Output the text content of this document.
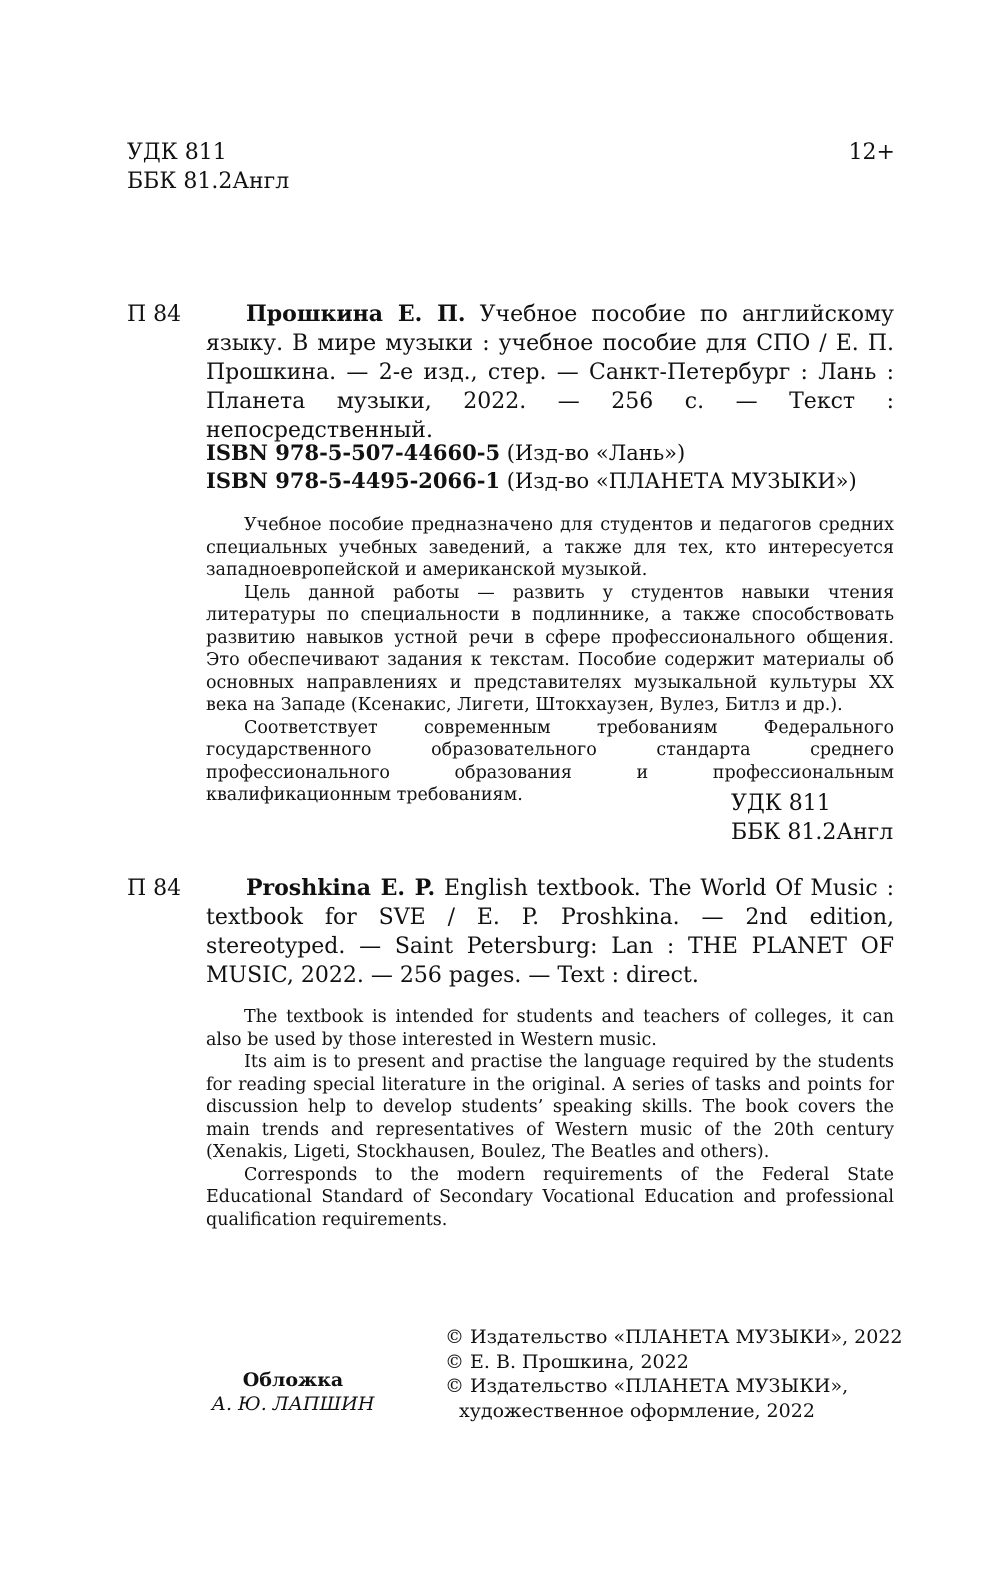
УДК 811
ББК 81.2Англ
12+
П 84	Прошкина Е. П. Учебное пособие по английскому языку. В мире музыки : учебное пособие для СПО / Е. П. Прошкина. — 2-е изд., стер. — Санкт-Петербург : Лань : Планета музыки, 2022. — 256 с. — Текст : непосредственный.
ISBN 978-5-507-44660-5 (Изд-во «Лань»)
ISBN 978-5-4495-2066-1 (Изд-во «ПЛАНЕТА МУЗЫКИ»)

Учебное пособие предназначено для студентов и педагогов средних специальных учебных заведений, а также для тех, кто интересуется западноевропейской и американской музыкой.

Цель данной работы — развить у студентов навыки чтения литературы по специальности в подлиннике, а также способствовать развитию навыков устной речи в сфере профессионального общения. Это обеспечивают задания к текстам. Пособие содержит материалы об основных направлениях и представителях музыкальной культуры XX века на Западе (Ксенакис, Лигети, Штокхаузен, Вулез, Битлз и др.).

Соответствует современным требованиям Федерального государственного образовательного стандарта среднего профессионального образования и профессиональным квалификационным требованиям.	УДК 811
ББК 81.2Англ
П 84	Proshkina E. P. English textbook. The World Of Music : textbook for SVE / E. P. Proshkina. — 2nd edition, stereotyped. — Saint Petersburg: Lan : THE PLANET OF MUSIC, 2022. — 256 pages. — Text : direct.

The textbook is intended for students and teachers of colleges, it can also be used by those interested in Western music.

Its aim is to present and practise the language required by the students for reading special literature in the original. A series of tasks and points for discussion help to develop students’ speaking skills. The book covers the main trends and representatives of Western music of the 20th century (Xenakis, Ligeti, Stockhausen, Boulez, The Beatles and others).

Corresponds to the modern requirements of the Federal State Educational Standard of Secondary Vocational Education and professional qualification requirements.

Обложка
А. Ю. ЛАПШИН
© Издательство «ПЛАНЕТА МУЗЫКИ», 2022
© Е. В. Прошкина, 2022
© Издательство «ПЛАНЕТА МУЗЫКИ»,
художественное оформление, 2022
